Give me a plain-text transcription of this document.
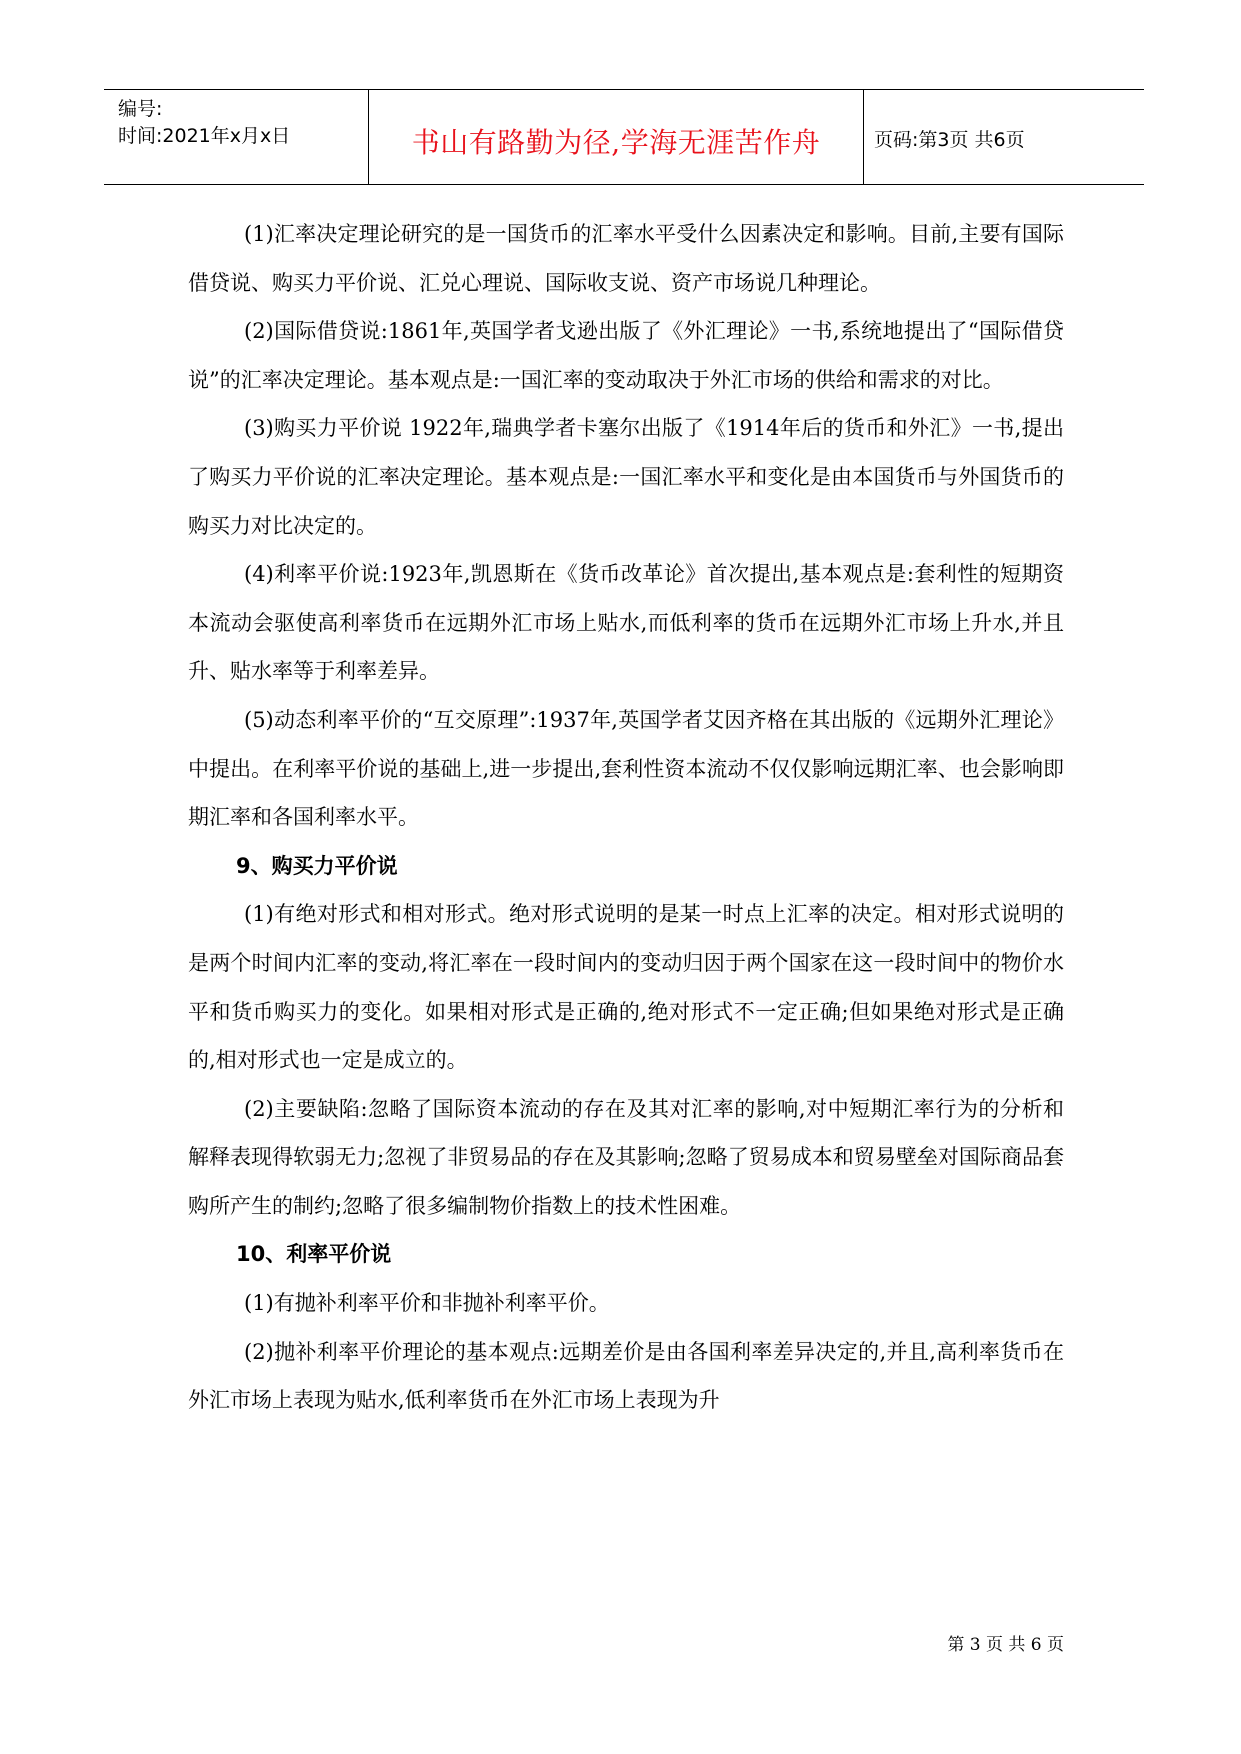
编号:
时间:2021年x月x日	书山有路勤为径,学海无涯苦作舟	页码:第3页 共6页

(1)汇率决定理论研究的是一国货币的汇率水平受什么因素决定和影响。目前,主要有国际借贷说、购买力平价说、汇兑心理说、国际收支说、资产市场说几种理论。

(2)国际借贷说:1861年,英国学者戈逊出版了《外汇理论》一书,系统地提出了“国际借贷说”的汇率决定理论。基本观点是:一国汇率的变动取决于外汇市场的供给和需求的对比。

(3)购买力平价说 1922年,瑞典学者卡塞尔出版了《1914年后的货币和外汇》一书,提出了购买力平价说的汇率决定理论。基本观点是:一国汇率水平和变化是由本国货币与外国货币的购买力对比决定的。

(4)利率平价说:1923年,凯恩斯在《货币改革论》首次提出,基本观点是:套利性的短期资本流动会驱使高利率货币在远期外汇市场上贴水,而低利率的货币在远期外汇市场上升水,并且升、贴水率等于利率差异。

(5)动态利率平价的“互交原理”:1937年,英国学者艾因齐格在其出版的《远期外汇理论》中提出。在利率平价说的基础上,进一步提出,套利性资本流动不仅仅影响远期汇率、也会影响即期汇率和各国利率水平。

9、购买力平价说

(1)有绝对形式和相对形式。绝对形式说明的是某一时点上汇率的决定。相对形式说明的是两个时间内汇率的变动,将汇率在一段时间内的变动归因于两个国家在这一段时间中的物价水平和货币购买力的变化。如果相对形式是正确的,绝对形式不一定正确;但如果绝对形式是正确的,相对形式也一定是成立的。

(2)主要缺陷:忽略了国际资本流动的存在及其对汇率的影响,对中短期汇率行为的分析和解释表现得软弱无力;忽视了非贸易品的存在及其影响;忽略了贸易成本和贸易壁垒对国际商品套购所产生的制约;忽略了很多编制物价指数上的技术性困难。

10、利率平价说

(1)有抛补利率平价和非抛补利率平价。

(2)抛补利率平价理论的基本观点:远期差价是由各国利率差异决定的,并且,高利率货币在外汇市场上表现为贴水,低利率货币在外汇市场上表现为升

第 3 页 共 6 页
